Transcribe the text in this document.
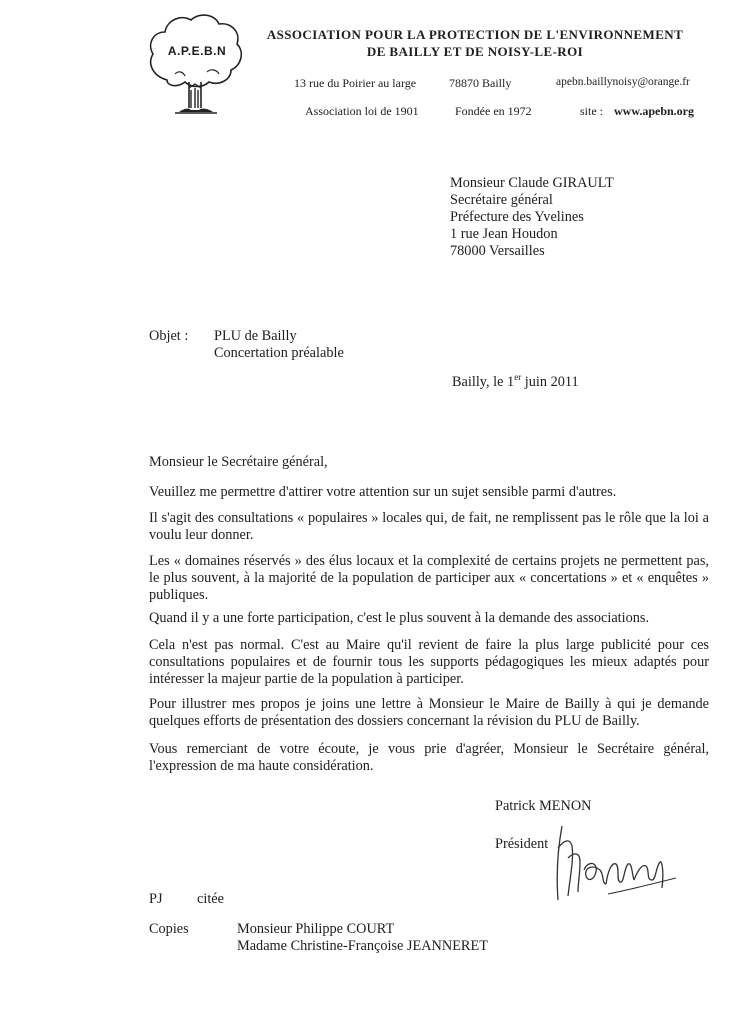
A.P.E.B.N
ASSOCIATION POUR LA PROTECTION DE L'ENVIRONNEMENT
DE BAILLY ET DE NOISY-LE-ROI
13 rue du Poirier au large	78870 Bailly	apebn.baillynoisy@orange.fr
Association loi de 1901	Fondée en 1972	site : www.apebn.org
Monsieur Claude GIRAULT
Secrétaire général
Préfecture des Yvelines
1 rue Jean Houdon
78000 Versailles
Objet : PLU de Bailly
Concertation préalable
Bailly, le 1er juin 2011
Monsieur le Secrétaire général,

Veuillez me permettre d'attirer votre attention sur un sujet sensible parmi d'autres.

Il s'agit des consultations « populaires » locales qui, de fait, ne remplissent pas le rôle que la loi a voulu leur donner.

Les « domaines réservés » des élus locaux et la complexité de certains projets ne permettent pas, le plus souvent, à la majorité de la population de participer aux « concertations » et « enquêtes » publiques.

Quand il y a une forte participation, c'est le plus souvent à la demande des associations.

Cela n'est pas normal. C'est au Maire qu'il revient de faire la plus large publicité pour ces consultations populaires et de fournir tous les supports pédagogiques les mieux adaptés pour intéresser la majeur partie de la population à participer.

Pour illustrer mes propos je joins une lettre à Monsieur le Maire de Bailly à qui je demande quelques efforts de présentation des dossiers concernant la révision du PLU de Bailly.

Vous remerciant de votre écoute, je vous prie d'agréer, Monsieur le Secrétaire général, l'expression de ma haute considération.

Patrick MENON
Président
PJ citée
Copies	Monsieur Philippe COURT
Madame Christine-Françoise JEANNERET
